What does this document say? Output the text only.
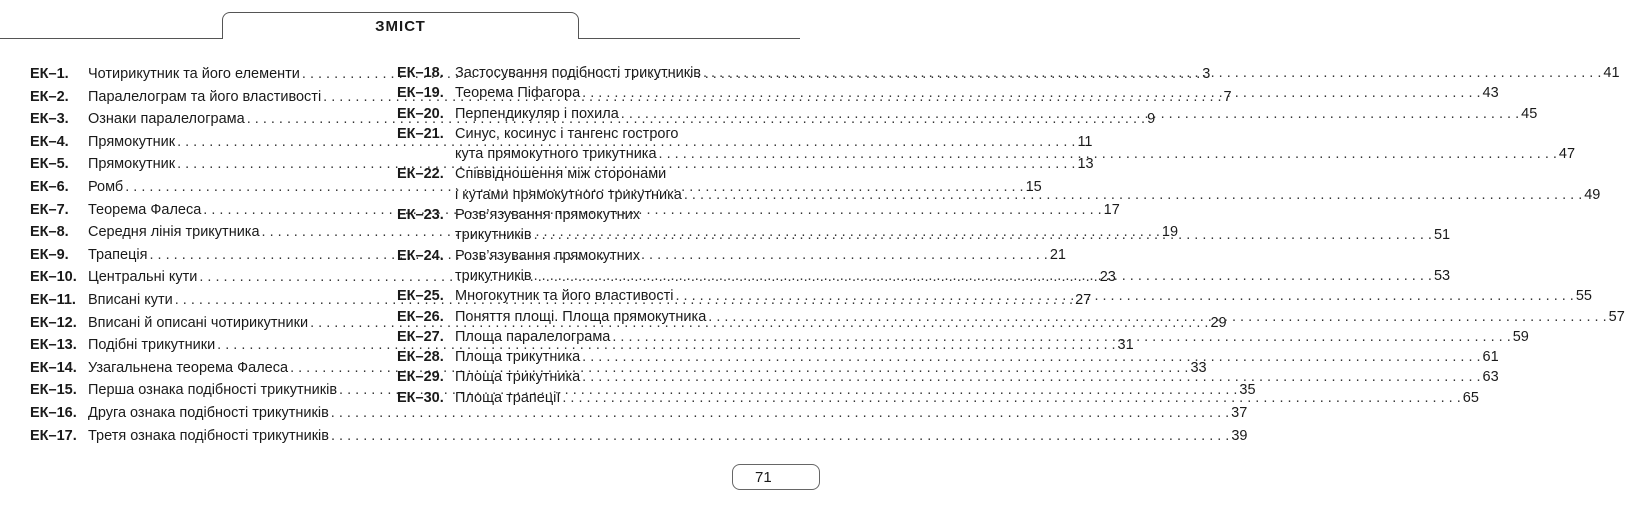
ЗМІСТ
ЕК–1.	Чотирикутник та його елементи . . .	3
ЕК–2.	Паралелограм та його властивості . . .	7
ЕК–3.	Ознаки паралелограма . . .	9
ЕК–4.	Прямокутник . . .	11
ЕК–5.	Прямокутник . . .	13
ЕК–6.	Ромб . . .	15
ЕК–7.	Теорема Фалеса . . .	17
ЕК–8.	Середня лінія трикутника . . .	19
ЕК–9.	Трапеція . . .	21
ЕК–10. Центральні кути . . .	23
ЕК–11. Вписані кути . . .	27
ЕК–12. Вписані й описані чотирикутники . . .	29
ЕК–13. Подібні трикутники . . .	31
ЕК–14. Узагальнена теорема Фалеса . . .	33
ЕК–15. Перша ознака подібності трикутників . . .	35
ЕК–16. Друга ознака подібності трикутників . . .	37
ЕК–17. Третя ознака подібності трикутників . . .	39
ЕК–18. Застосування подібності трикутників . . .	41
ЕК–19. Теорема Піфагора . . .	43
ЕК–20. Перпендикуляр і похила . . .	45
ЕК–21. Синус, косинус і тангенс гострого
кута прямокутного трикутника . . .	47
ЕК–22. Співвідношення між сторонами
і кутами прямокутного трикутника . . .	49
ЕК–23. Розв’язування прямокутних
трикутників . . .	51
ЕК–24. Розв’язування прямокутних
трикутників . . .	53
ЕК–25. Многокутник та його властивості . . .	55
ЕК–26. Поняття площі. Площа прямокутника . . .	57
ЕК–27. Площа паралелограма . . .	59
ЕК–28. Площа трикутника . . .	61
ЕК–29. Площа трикутника . . .	63
ЕК–30. Площа трапеції . . .	65
71
